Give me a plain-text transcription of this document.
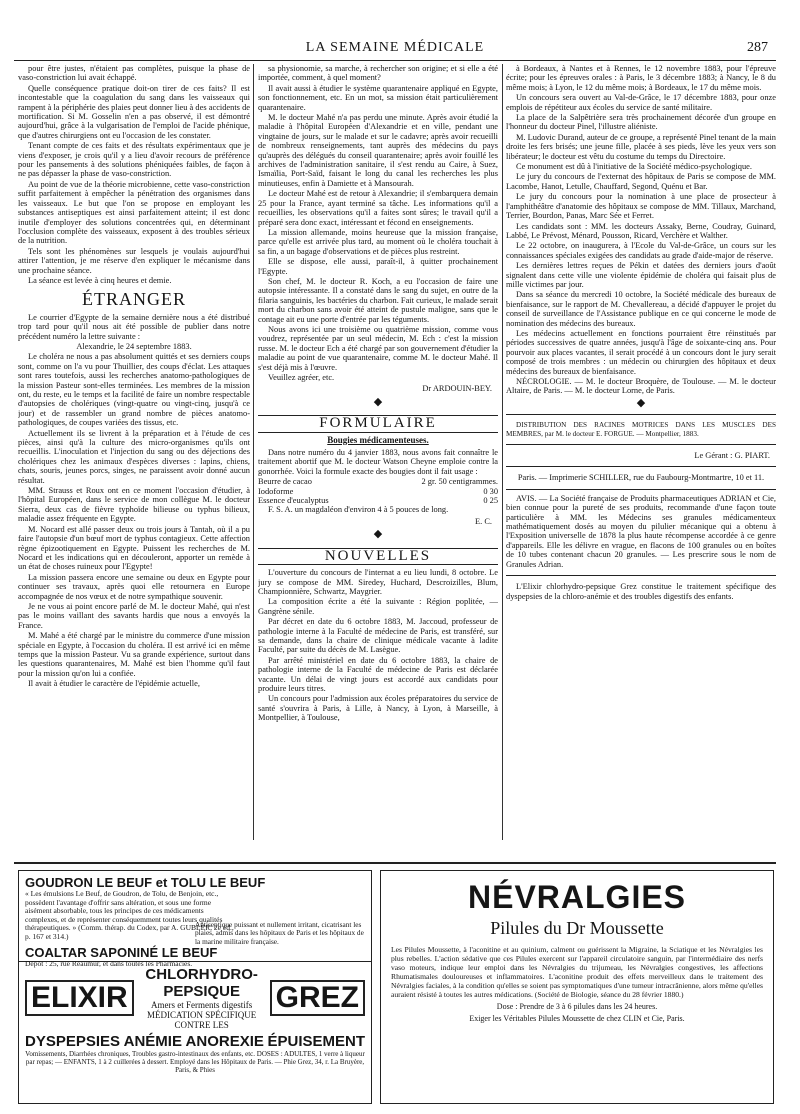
LA SEMAINE MÉDICALE	287

pour être justes, n'étaient pas complètes, puisque la phase de vaso-constriction lui avait échappé.

Quelle conséquence pratique doit-on tirer de ces faits? Il est incontestable que la coagulation du sang dans les vaisseaux qui rampent à la périphérie des plaies peut donner lieu à des accidents de mortification. Si M. Gosselin n'en a pas observé, il est démontré aujourd'hui, grâce à la vulgarisation de l'emploi de l'acide phénique, que d'autres chirurgiens ont eu l'occasion de les constater.

Tenant compte de ces faits et des résultats expérimentaux que je viens d'exposer, je crois qu'il y a lieu d'avoir recours de préférence pour les pansements à des solutions phéniquées faibles, de façon à ne pas dépasser la phase de vaso-constriction.

Au point de vue de la théorie microbienne, cette vaso-constriction suffit parfaitement à empêcher la pénétration des organismes dans les vaisseaux. Le but que l'on se propose en employant les substances antiseptiques est ainsi parfaitement atteint; il est donc inutile d'employer des solutions concentrées qui, en déterminant l'occlusion complète des vaisseaux, exposent à des troubles sérieux de la nutrition.

Tels sont les phénomènes sur lesquels je voulais aujourd'hui attirer l'attention, je me réserve d'en expliquer le mécanisme dans une prochaine séance.

La séance est levée à cinq heures et demie.

ÉTRANGER

Le courrier d'Egypte de la semaine dernière nous a été distribué trop tard pour qu'il nous ait été possible de publier dans notre précédent numéro la lettre suivante :

Alexandrie, le 24 septembre 1883.

Le choléra ne nous a pas absolument quittés et ses derniers coups sont, comme on l'a vu pour Thuillier, des coups d'éclat. Les attaques sont rares toutefois, aussi les recherches anatomo-pathologiques de la mission Pasteur sont-elles terminées. Les membres de la mission ont, du reste, eu le temps et la facilité de faire un nombre respectable d'autopsies de cholériques (vingt-quatre ou vingt-cinq, jusqu'à ce jour) et de rassembler un grand nombre de pièces anatomo-pathologiques, de coupes variées des tissus, etc.

Actuellement ils se livrent à la préparation et à l'étude de ces pièces, ainsi qu'à la culture des micro-organismes qu'ils ont recueillis. L'inoculation et l'injection du sang ou des déjections des cholériques chez les animaux d'espèces diverses : lapins, chiens, chats, souris, jeunes porcs, singes, ne paraissent avoir donné aucun résultat.

MM. Strauss et Roux ont en ce moment l'occasion d'étudier, à l'hôpital Européen, dans le service de mon collègue M. le docteur Sierra, deux cas de fièvre typhoïde bilieuse ou typhus bilieux, maladie assez fréquente en Egypte.

M. Nocard est allé passer deux ou trois jours à Tantah, où il a pu faire l'autopsie d'un bœuf mort de typhus contagieux. Cette affection règne épizootiquement en Egypte. Puissent les recherches de M. Nocard et les indications qui en découleront, apporter un remède à un état de choses ruineux pour l'Egypte!

La mission passera encore une semaine ou deux en Egypte pour continuer ses travaux, après quoi elle retournera en Europe accompagnée de nos vœux et de notre sympathique souvenir.

Je ne vous ai point encore parlé de M. le docteur Mahé, qui n'est pas le moins vaillant des savants hardis que nous a envoyés la France.

M. Mahé a été chargé par le ministre du commerce d'une mission spéciale en Egypte, à l'occasion du choléra. Il est arrivé ici en même temps que la mission Pasteur. Vu sa grande expérience, surtout dans les questions quarantenaires, M. Mahé est bien l'homme qu'il faut pour la mission qu'on lui a confiée.

Il avait à étudier le caractère de l'épidémie actuelle,

sa physionomie, sa marche, à rechercher son origine; et si elle a été importée, comment, à quel moment?

Il avait aussi à étudier le système quarantenaire appliqué en Egypte, son fonctionnement, etc. En un mot, sa mission était particulièrement quarantenaire.

M. le docteur Mahé n'a pas perdu une minute. Après avoir étudié la maladie à l'hôpital Européen d'Alexandrie et en ville, pendant une vingtaine de jours, sur le malade et sur le cadavre; après avoir recueilli de nombreux renseignements, tant auprès des médecins du pays qu'auprès des délégués du conseil quarantenaire; après avoir fouillé les archives de l'administration sanitaire, il s'est rendu au Caire, à Suez, Ismaïlia, Port-Saïd, faisant le long du canal les recherches les plus minutieuses, enfin à Damiette et à Mansourah.

Le docteur Mahé est de retour à Alexandrie; il s'embarquera demain 25 pour la France, ayant terminé sa tâche. Les informations qu'il a recueillies, les observations qu'il a faites sont sûres; le travail qu'il a préparé sera donc exact, intéressant et fécond en enseignements.

La mission allemande, moins heureuse que la mission française, parce qu'elle est arrivée plus tard, au moment où le choléra touchait à sa fin, a un bagage d'observations et de pièces plus restreint.

Elle se dispose, elle aussi, paraît-il, à quitter prochainement l'Egypte.

Son chef, M. le docteur R. Koch, a eu l'occasion de faire une autopsie intéressante. Il a constaté dans le sang du sujet, en outre de la filaria sanguinis, les bactéries du charbon. Fait curieux, le malade serait mort du charbon sans avoir été atteint de pustule maligne, sans que le contage ait eu une porte d'entrée par les téguments.

Nous avons ici une troisième ou quatrième mission, comme vous voudrez, représentée par un seul médecin, M. Ech : c'est la mission russe. M. le docteur Ech a été chargé par son gouvernement d'étudier la maladie au point de vue quarantenaire, comme M. le docteur Mahé. Il s'est déjà mis à l'œuvre.

Veuillez agréer, etc.

Dr ARDOUIN-BEY.
◆
FORMULAIRE
Bougies médicamenteuses.

Dans notre numéro du 4 janvier 1883, nous avons fait connaître le traitement abortif que M. le docteur Watson Cheyne emploie contre la gonorrhée. Voici la formule exacte des bougies dont il fait usage :

Beurre de cacao	2 gr. 50 centigrammes.
Iodoforme	0 30
Essence d'eucalyptus	0 25

F. S. A. un magdaléon d'environ 4 à 5 pouces de long.

E. C.
◆
NOUVELLES

L'ouverture du concours de l'internat a eu lieu lundi, 8 octobre. Le jury se compose de MM. Siredey, Huchard, Descroizilles, Blum, Championnière, Schwartz, Maygrier.

La composition écrite a été la suivante : Région poplitée, — Gangrène sénile.

Par décret en date du 6 octobre 1883, M. Jaccoud, professeur de pathologie interne à la Faculté de médecine de Paris, est transféré, sur sa demande, dans la chaire de clinique médicale vacante à ladite Faculté, par suite du décès de M. Lasègue.

Par arrêté ministériel en date du 6 octobre 1883, la chaire de pathologie interne de la Faculté de médecine de Paris est déclarée vacante. Un délai de vingt jours est accordé aux candidats pour produire leurs titres.

Un concours pour l'admission aux écoles préparatoires du service de santé s'ouvrira à Paris, à Lille, à Nancy, à Lyon, à Marseille, à Montpellier, à Toulouse,

à Bordeaux, à Nantes et à Rennes, le 12 novembre 1883, pour l'épreuve écrite; pour les épreuves orales : à Paris, le 3 décembre 1883; à Nancy, le 8 du même mois; à Lyon, le 12 du même mois; à Bordeaux, le 17 du même mois.

Un concours sera ouvert au Val-de-Grâce, le 17 décembre 1883, pour onze emplois de répétiteur aux écoles du service de santé militaire.

La place de la Salpêtrière sera très prochainement décorée d'un groupe en l'honneur du docteur Pinel, l'illustre aliéniste.

M. Ludovic Durand, auteur de ce groupe, a représenté Pinel tenant de la main droite les fers brisés; une jeune fille, placée à ses pieds, lève les yeux vers son libérateur; le docteur est vêtu du costume du temps du Directoire.

Ce monument est dû à l'initiative de la Société médico-psychologique.

Le jury du concours de l'externat des hôpitaux de Paris se compose de MM. Lacombe, Hanot, Letulle, Chauffard, Segond, Quénu et Bar.

Le jury du concours pour la nomination à une place de prosecteur à l'amphithéâtre d'anatomie des hôpitaux se compose de MM. Tillaux, Marchand, Terrier, Bourdon, Panas, Marc Sée et Ferret.

Les candidats sont : MM. les docteurs Assaky, Berne, Coudray, Guinard, Labbé, Le Prévost, Ménard, Pousson, Ricard, Verchère et Walther.

Le 22 octobre, on inaugurera, à l'Ecole du Val-de-Grâce, un cours sur les connaissances spéciales exigées des candidats au grade d'aide-major de réserve.

Les dernières lettres reçues de Pékin et datées des derniers jours d'août signalent dans cette ville une violente épidémie de choléra qui faisait plus de mille victimes par jour.

Dans sa séance du mercredi 10 octobre, la Société médicale des bureaux de bienfaisance, sur le rapport de M. Chevallereau, a décidé d'appuyer le projet du conseil de surveillance de l'Assistance publique en ce qui concerne le mode de nomination des médecins des bureaux.

Les médecins actuellement en fonctions pourraient être réinstitués par périodes successives de quatre années, jusqu'à l'âge de soixante-cinq ans. Pour pourvoir aux places vacantes, il serait procédé à un concours dont le jury serait composé de trois membres : un médecin ou chirurgien des hôpitaux et deux médecins des bureaux de bienfaisance.

NÉCROLOGIE. — M. le docteur Broquère, de Toulouse. — M. le docteur Altaire, de Paris. — M. le docteur Lorne, de Paris.

◆

DISTRIBUTION DES RACINES MOTRICES DANS LES MUSCLES DES MEMBRES, par M. le docteur E. FORGUE. — Montpellier, 1883.

Le Gérant : G. PIART.

Paris. — Imprimerie SCHILLER, rue du Faubourg-Montmartre, 10 et 11.

AVIS. — La Société française de Produits pharmaceutiques ADRIAN et Cie, bien connue pour la pureté de ses produits, recommande d'une façon toute particulière à MM. les Médecins ses granules médicamenteux mathématiquement dosés au moyen du pilulier mécanique qui a obtenu à l'Exposition universelle de 1878 la plus haute récompense accordée à ce genre d'appareils. Elle les délivre en vrague, en flacons de 100 granules ou en boîtes de 10 tubes contenant chacun 20 granules. — Les prescrire sous le nom de Granules Adrian.

L'Elixir chlorhydro-pepsique Grez constitue le traitement spécifique des dyspepsies de la chloro-anémie et des troubles digestifs des enfants.

GOUDRON LE BEUF et TOLU LE BEUF
« Les émulsions Le Beuf, de Goudron, de Tolu, de Benjoin, etc., possèdent l'avantage d'offrir sans altération, et sous une forme aisément absorbable, tous les principes de ces médicaments complexes, et de représenter conséquemment toutes leurs qualités thérapeutiques. » (Comm. thérap. du Codex, par A. GUBLER, 2e éd., p. 167 et 314.)
COALTAR SAPONINÉ LE BEUF
Antiseptique puissant et nullement irritant, cicatrisant les plaies, admis dans les hôpitaux de Paris et les hôpitaux de la marine militaire française.
Dépôt : 25, rue Réaumur, et dans toutes les Pharmacies.
ELIXIR
CHLORHYDRO-PEPSIQUE
Amers et Ferments digestifs
MÉDICATION SPÉCIFIQUE CONTRE LES
GREZ
DYSPEPSIES ANÉMIE ANOREXIE ÉPUISEMENT
Vomissements, Diarrhées chroniques, Troubles gastro-intestinaux des enfants, etc. DOSES : ADULTES, 1 verre à liqueur par repas; — ENFANTS, 1 à 2 cuillerées à dessert. Employé dans les Hôpitaux de Paris. — Phie Grez, 34, r. La Bruyère, Paris, & Phies
NÉVRALGIES
Pilules du Dr Moussette
Les Pilules Moussette, à l'aconitine et au quinium, calment ou guérissent la Migraine, la Sciatique et les Névralgies les plus rebelles. L'action sédative que ces Pilules exercent sur l'appareil circulatoire sanguin, par l'intermédiaire des nerfs vaso moteurs, indique leur emploi dans les Névralgies du trijumeau, les Névralgies congestives, les affections Rhumatismales douloureuses et inflammatoires. L'aconitine produit des effets merveilleux dans le traitement des Névralgies faciales, à la condition qu'elles se soient pas symptomatiques d'une tumeur intracrânienne, alors même qu'elles auraient résisté à toutes les autres médications. (Société de Biologie, séance du 28 février 1880.)
Dose : Prendre de 3 à 6 pilules dans les 24 heures.
Exiger les Véritables Pilules Moussette de chez CLIN et Cie, Paris.
